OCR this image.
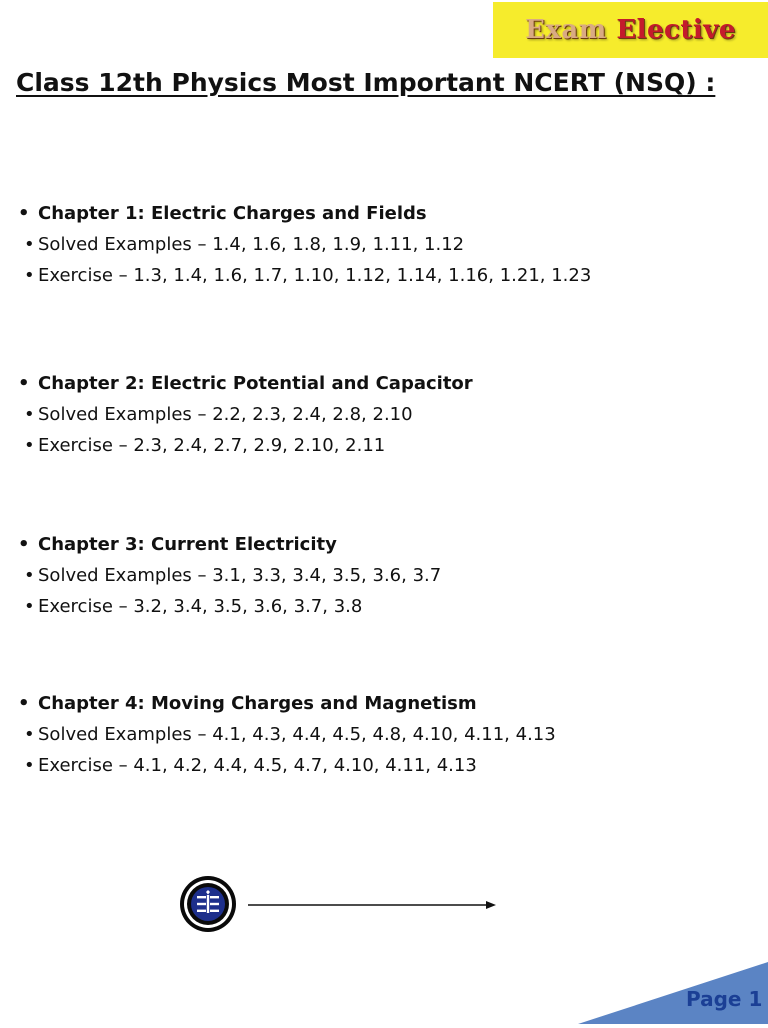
Exam Elective
Class 12th Physics Most Important NCERT (NSQ) :
• Chapter 1: Electric Charges and Fields
• Solved Examples – 1.4, 1.6, 1.8, 1.9, 1.11, 1.12
• Exercise – 1.3, 1.4, 1.6, 1.7, 1.10, 1.12, 1.14, 1.16, 1.21, 1.23
• Chapter 2: Electric Potential and Capacitor
• Solved Examples – 2.2, 2.3, 2.4, 2.8, 2.10
• Exercise – 2.3, 2.4, 2.7, 2.9, 2.10, 2.11
• Chapter 3: Current Electricity
• Solved Examples – 3.1, 3.3, 3.4, 3.5, 3.6, 3.7
• Exercise – 3.2, 3.4, 3.5, 3.6, 3.7, 3.8
• Chapter 4: Moving Charges and Magnetism
• Solved Examples – 4.1, 4.3, 4.4, 4.5, 4.8, 4.10, 4.11, 4.13
• Exercise – 4.1, 4.2, 4.4, 4.5, 4.7, 4.10, 4.11, 4.13
Page 1
